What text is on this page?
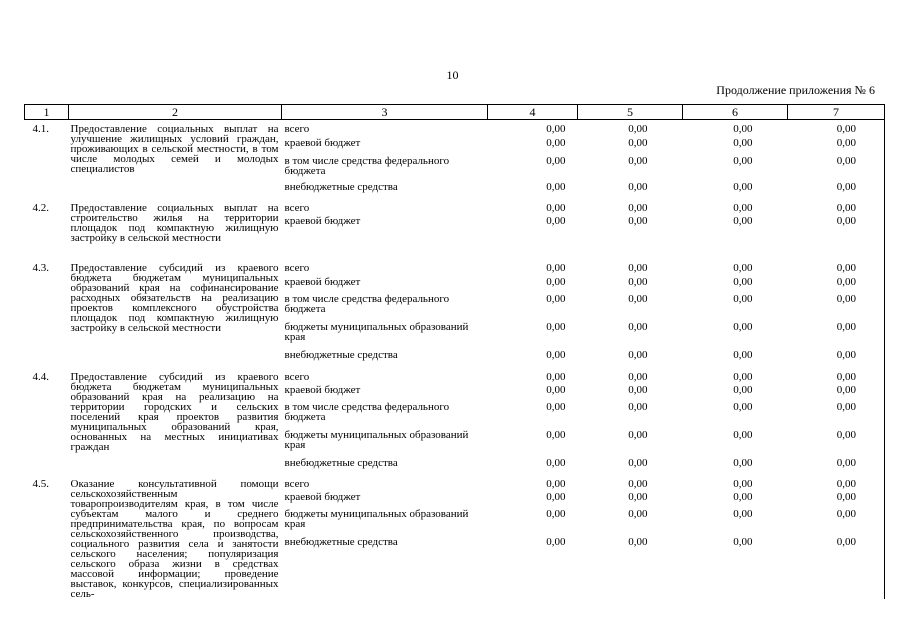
10
Продолжение приложения № 6
1	2	3	4	5	6	7
4.1.	Предоставление социальных выплат на улучшение жилищных условий граждан, проживающих в сельской местности, в том числе молодых семей и молодых специалистов	всего	0,00	0,00	0,00	0,00
		краевой бюджет	0,00	0,00	0,00	0,00
		в том числе средства федерального бюджета	0,00	0,00	0,00	0,00
		внебюджетные средства	0,00	0,00	0,00	0,00
4.2.	Предоставление социальных выплат на строительство жилья на территории площадок под компактную жилищную застройку в сельской местности	всего	0,00	0,00	0,00	0,00
		краевой бюджет	0,00	0,00	0,00	0,00
4.3.	Предоставление субсидий из краевого бюджета бюджетам муниципальных образований края на софинансирование расходных обязательств на реализацию проектов комплексного обустройства площадок под компактную жилищную застройку в сельской местности	всего	0,00	0,00	0,00	0,00
		краевой бюджет	0,00	0,00	0,00	0,00
		в том числе средства федерального бюджета	0,00	0,00	0,00	0,00
		бюджеты муниципальных образований края	0,00	0,00	0,00	0,00
		внебюджетные средства	0,00	0,00	0,00	0,00
4.4.	Предоставление субсидий из краевого бюджета бюджетам муниципальных образований края на реализацию на территории городских и сельских поселений края проектов развития муниципальных образований края, основанных на местных инициативах граждан	всего	0,00	0,00	0,00	0,00
		краевой бюджет	0,00	0,00	0,00	0,00
		в том числе средства федерального бюджета	0,00	0,00	0,00	0,00
		бюджеты муниципальных образований края	0,00	0,00	0,00	0,00
		внебюджетные средства	0,00	0,00	0,00	0,00
4.5.	Оказание консультативной помощи сельскохозяйственным товаропроизводителям края, в том числе субъектам малого и среднего предпринимательства края, по вопросам сельскохозяйственного производства, социального развития села и занятости сельского населения; популяризация сельского образа жизни в средствах массовой информации; проведение выставок, конкурсов, специализированных сель-	всего	0,00	0,00	0,00	0,00
		краевой бюджет	0,00	0,00	0,00	0,00
		бюджеты муниципальных образований края	0,00	0,00	0,00	0,00
		внебюджетные средства	0,00	0,00	0,00	0,00
